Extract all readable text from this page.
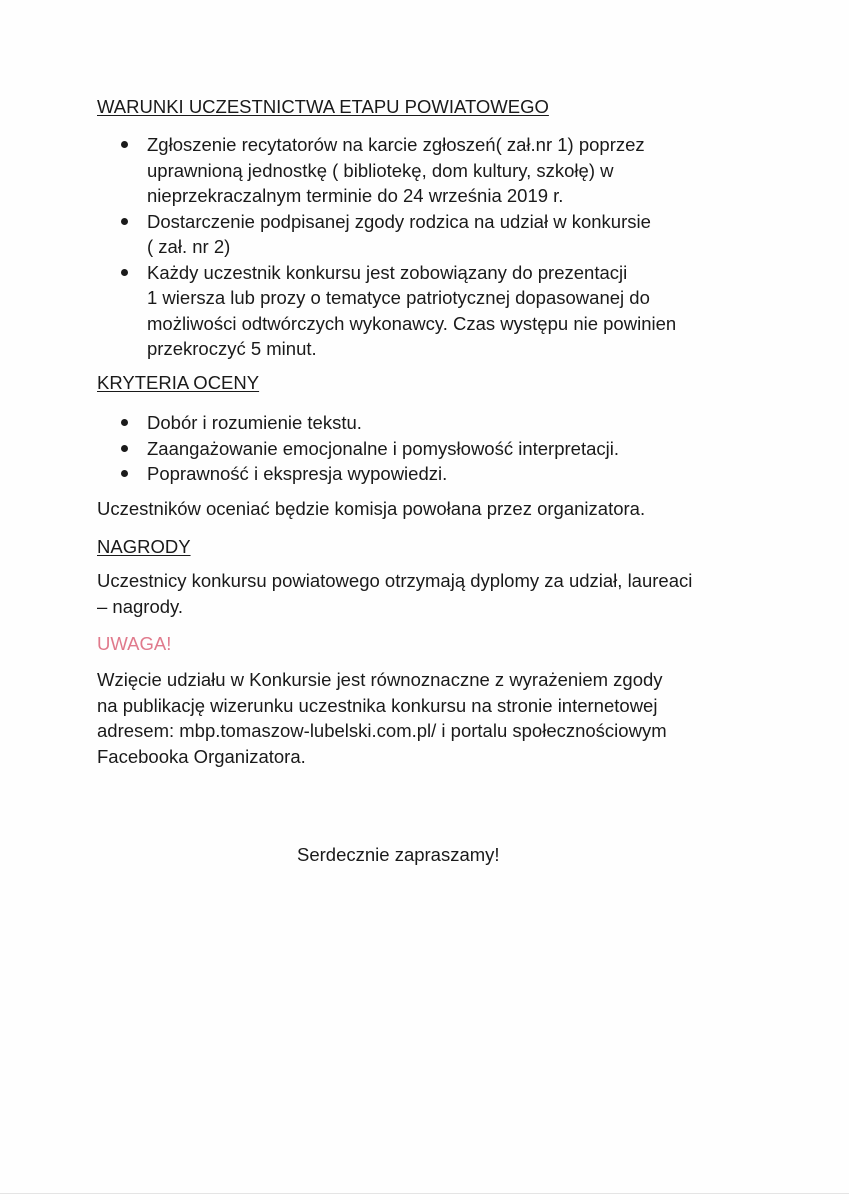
WARUNKI UCZESTNICTWA ETAPU POWIATOWEGO
Zgłoszenie recytatorów na karcie zgłoszeń( zał.nr 1) poprzez
uprawnioną jednostkę ( bibliotekę, dom kultury, szkołę) w
nieprzekraczalnym terminie do 24 września 2019 r.
Dostarczenie podpisanej zgody rodzica na udział w konkursie
( zał. nr 2)
Każdy uczestnik konkursu jest zobowiązany do prezentacji
1 wiersza lub prozy o tematyce patriotycznej dopasowanej do
możliwości odtwórczych wykonawcy. Czas występu nie powinien
przekroczyć 5 minut.
KRYTERIA OCENY
Dobór i rozumienie tekstu.
Zaangażowanie emocjonalne i pomysłowość interpretacji.
Poprawność i ekspresja wypowiedzi.
Uczestników oceniać będzie komisja powołana przez organizatora.
NAGRODY
Uczestnicy konkursu powiatowego otrzymają dyplomy za udział, laureaci
– nagrody.
UWAGA!
Wzięcie udziału w Konkursie jest równoznaczne z wyrażeniem zgody
na publikację wizerunku uczestnika konkursu na stronie internetowej
adresem: mbp.tomaszow-lubelski.com.pl/ i portalu społecznościowym
Facebooka Organizatora.
Serdecznie zapraszamy!
